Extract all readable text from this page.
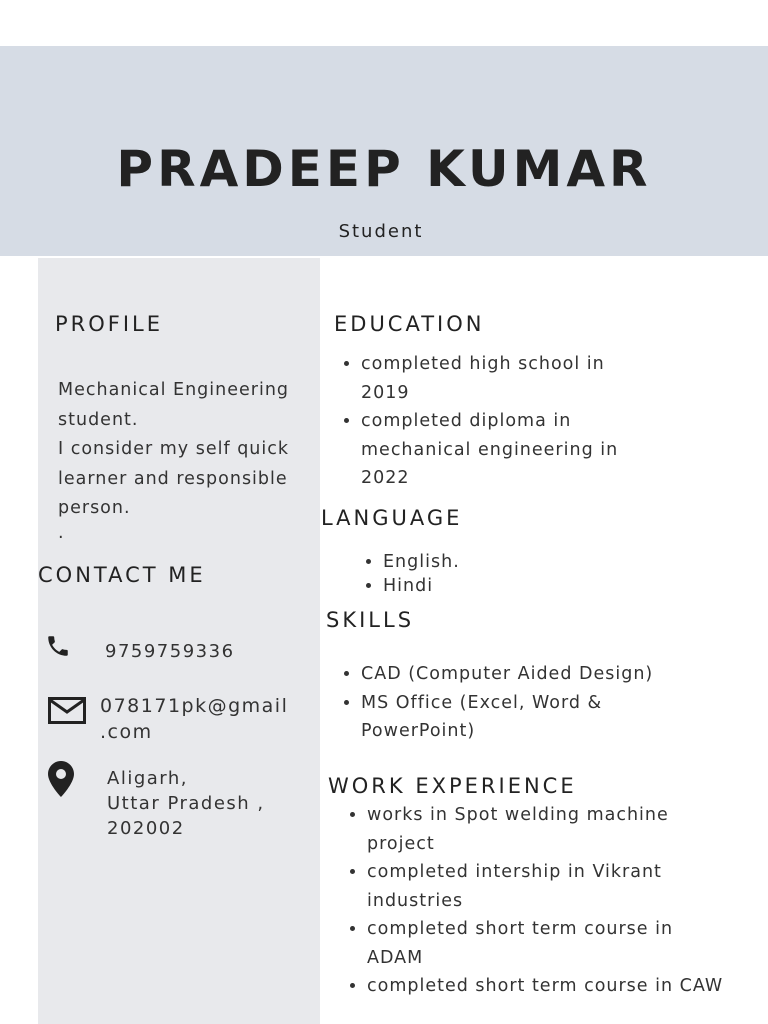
PRADEEP KUMAR
Student
PROFILE
Mechanical Engineering
student.
I consider my self quick
learner and responsible
person.
.
CONTACT ME
9759759336
078171pk@gmail
.com
Aligarh,
Uttar Pradesh ,
202002
EDUCATION
• completed high school in
2019
• completed diploma in
mechanical engineering in
2022
LANGUAGE
• English.
• Hindi
SKILLS
• CAD (Computer Aided Design)
• MS Office (Excel, Word &
PowerPoint)
WORK EXPERIENCE
• works in Spot welding machine
project
• completed intership in Vikrant
industries
• completed short term course in
ADAM
• completed short term course in CAW
